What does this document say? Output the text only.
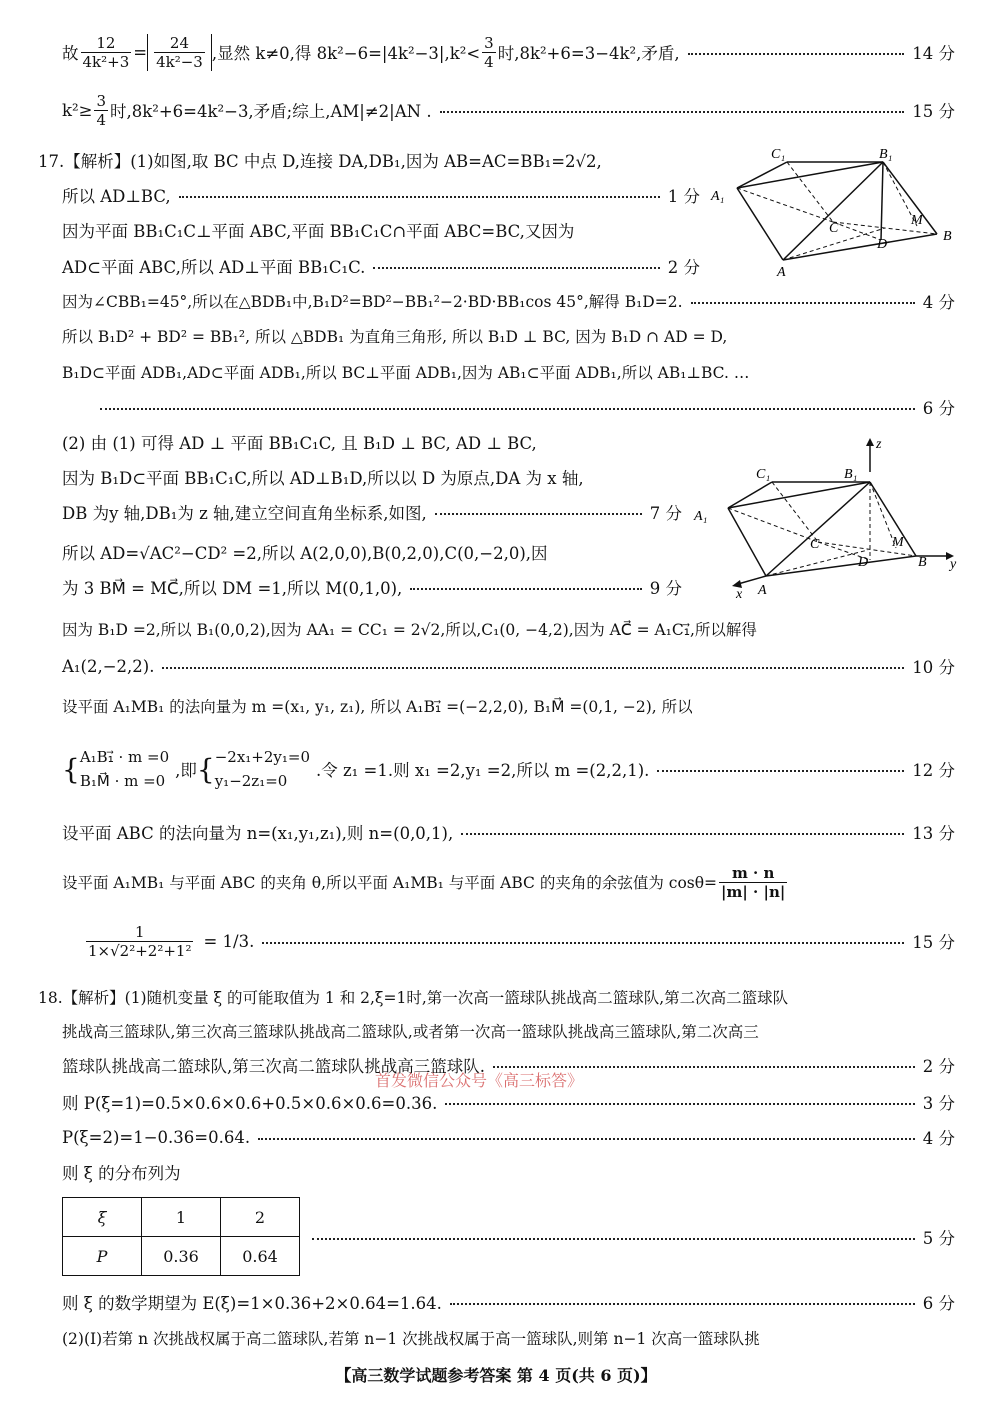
故 $\frac{12}{\text{4k²+3}} = \frac{24}{\text{4k²−3}}$ ,显然 k≠0,得 $8k^2-6=|4k^2-3|,k^2< \frac{3}{4}$ 时,8k²+6=3−4k²,矛盾,	14 分
$k^2\ge \frac{3}{4}$ 时,8k²+6=4k²−3,矛盾;综上,AM|≠2|AN .	15 分
17.【解析】(1)如图,取 BC 中点 D,连接 DA,DB₁,因为 AB=AC=BB₁=2√2,
所以 AD⊥BC,	1 分
因为平面 BB₁C₁C⊥平面 ABC,平面 BB₁C₁C∩平面 ABC=BC,又因为
AD⊂平面 ABC,所以 AD⊥平面 BB₁C₁C.	2 分
因为∠CBB₁=45°,所以在△BDB₁中,B₁D²=BD²−BB₁²−2·BD·BB₁cos 45°,解得 B₁D=2.	4 分
所以 B₁D² + BD² = BB₁², 所以 △BDB₁ 为直角三角形, 所以 B₁D ⊥ BC, 因为 B₁D ∩ AD = D,
B₁D⊂平面 ADB₁,AD⊂平面 ADB₁,所以 BC⊥平面 ADB₁,因为 AB₁⊂平面 ADB₁,所以 AB₁⊥BC. …
6 分
(2) 由 (1) 可得 AD ⊥ 平面 BB₁C₁C, 且 B₁D ⊥ BC, AD ⊥ BC,
因为 B₁D⊂平面 BB₁C₁C,所以 AD⊥B₁D,所以以 D 为原点,DA 为 x 轴,
DB 为y 轴,DB₁为 z 轴,建立空间直角坐标系,如图,	7 分
所以 AD=√AC²−CD² =2,所以 A(2,0,0),B(0,2,0),C(0,−2,0),因
为 3 BM⃗ = MC⃗,所以 DM =1,所以 M(0,1,0),	9 分
因为 B₁D =2,所以 B₁(0,0,2),因为 AA₁ = CC₁ = 2√2,所以,C₁(0, −4,2),因为 AC⃗ = A₁C₁⃗,所以解得
A₁(2,−2,2).	10 分
设平面 A₁MB₁ 的法向量为 m =(x₁, y₁, z₁), 所以 A₁B₁⃗ =(−2,2,0), B₁M⃗ =(0,1, −2), 所以
{ A₁B₁⃗ · m =0
B₁M⃗ · m =0
,即 { −2x₁+2y₁=0
y₁−2z₁=0
.令 z₁ =1.则 x₁ =2,y₁ =2,所以 m =(2,2,1).	12 分
设平面 ABC 的法向量为 n=(x₁,y₁,z₁),则 n=(0,0,1),	13 分
设平面 A₁MB₁ 与平面 ABC 的夹角 θ,所以平面 A₁MB₁ 与平面 ABC 的夹角的余弦值为 $\cos\theta= \frac{m \cdot n}{|m| \cdot |n|}$
$\frac{1}{\text{1×√2²+2²+1²}} = 1/3$.	15 分
18.【解析】(1)随机变量 ξ 的可能取值为 1 和 2,ξ=1时,第一次高一篮球队挑战高二篮球队,第二次高二篮球队
挑战高三篮球队,第三次高三篮球队挑战高二篮球队,或者第一次高一篮球队挑战高三篮球队,第二次高三
篮球队挑战高二篮球队,第三次高二篮球队挑战高三篮球队.	2 分
首发微信公众号《高三标答》
则 P(ξ=1)=0.5×0.6×0.6+0.5×0.6×0.6=0.36.	3 分
P(ξ=2)=1−0.36=0.64.	4 分
则 ξ 的分布列为
ξ	1	2
P	0.36	0.64
5 分
则 ξ 的数学期望为 E(ξ)=1×0.36+2×0.64=1.64.	6 分
(2)(Ⅰ)若第 n 次挑战权属于高二篮球队,若第 n−1 次挑战权属于高一篮球队,则第 n−1 次高一篮球队挑
【高三数学试题参考答案 第 4 页(共 6 页)】
C₁	B₁
A₁
C
M
D
B
A
z
C₁	B₁
A₁
C	M
D	B y
x A
